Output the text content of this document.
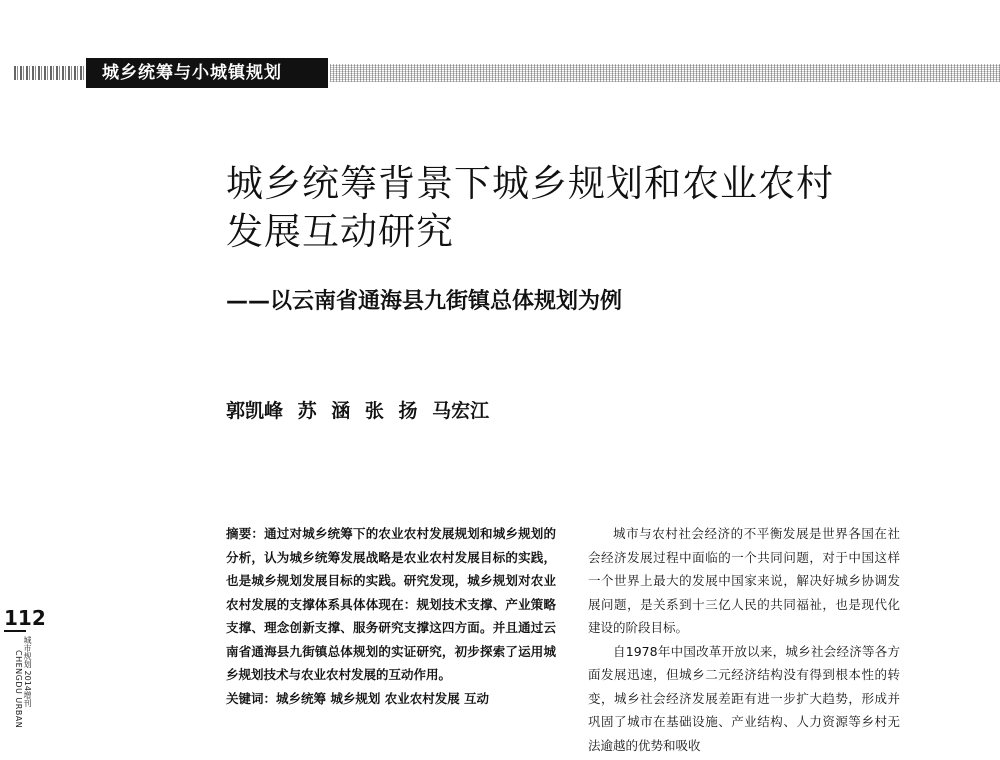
城乡统筹与小城镇规划
城乡统筹背景下城乡规划和农业农村
发展互动研究
——以云南省通海县九街镇总体规划为例
郭凯峰 苏 涵 张 扬 马宏江

摘要：通过对城乡统筹下的农业农村发展规划和城乡规划的分析，认为城乡统筹发展战略是农业农村发展目标的实践，也是城乡规划发展目标的实践。研究发现，城乡规划对农业农村发展的支撑体系具体体现在：规划技术支撑、产业策略支撑、理念创新支撑、服务研究支撑这四方面。并且通过云南省通海县九街镇总体规划的实证研究，初步探索了运用城乡规划技术与农业农村发展的互动作用。

关键词：城乡统筹 城乡规划 农业农村发展 互动

城市与农村社会经济的不平衡发展是世界各国在社会经济发展过程中面临的一个共同问题，对于中国这样一个世界上最大的发展中国家来说，解决好城乡协调发展问题，是关系到十三亿人民的共同福祉，也是现代化建设的阶段目标。

自1978年中国改革开放以来，城乡社会经济等各方面发展迅速，但城乡二元经济结构没有得到根本性的转变，城乡社会经济发展差距有进一步扩大趋势，形成并巩固了城市在基础设施、产业结构、人力资源等乡村无法逾越的优势和吸收

112
城市规划 2014增刊 CHENGDU URBAN
